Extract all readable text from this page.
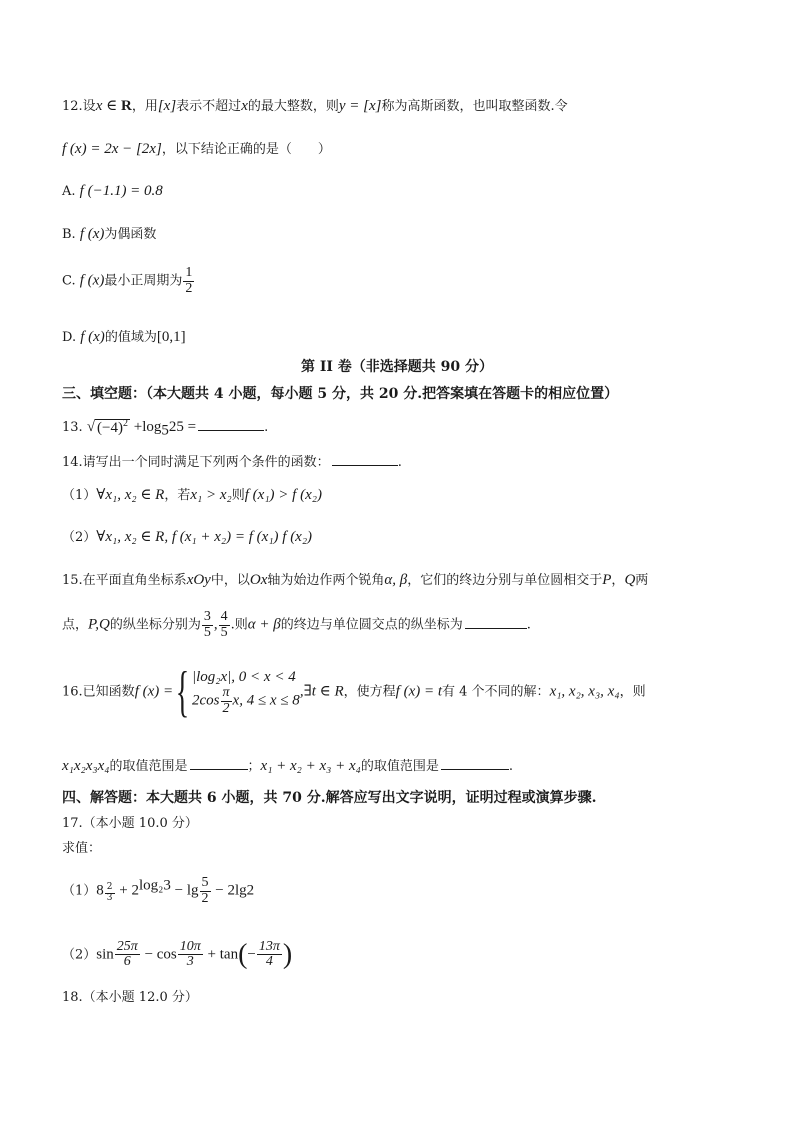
12.设x ∈ R，用[x]表示不超过x的最大整数，则y = [x]称为高斯函数，也叫取整函数.令
f (x) = 2x − [2x]，以下结论正确的是（　　）
A. f (−1.1) = 0.8
B. f (x)为偶函数
C. f (x)最小正周期为 $\frac{1}{2}$
D. f (x)的值域为[0,1]
第 II 卷（非选择题共 90 分）
三、填空题：（本大题共 4 小题，每小题 5 分，共 20 分.把答案填在答题卡的相应位置）
13. √ $(-4)^2 +\log_525$ =	.
14.请写出一个同时满足下列两个条件的函数：	.
（1）∀x₁, x₂ ∈ R，若x₁ > x₂则f (x₁) > f (x₂)
（2）∀x₁, x₂ ∈ R, f (x₁ + x₂) = f (x₁) f (x₂)
15.在平面直角坐标系xOy中，以Ox轴为始边作两个锐角α, β，它们的终边分别与单位圆相交于P，Q两
点，P,Q的纵坐标分别为 $\frac{3}{5}$ , $\frac{4}{5}$ .则α + β的终边与单位圆交点的纵坐标为	.
16.已知函数f (x) ={ |log₂x|, 0 < x < 4
$2\cos \frac{\pi}{2} x$, 4 ≤ x ≤ 8
,∃t ∈ R，使方程f (x) = t有 4 个不同的解：x₁, x₂, x₃, x₄，则
x₁x₂x₃x₄的取值范围是	；x₁ + x₂ + x₃ + x₄的取值范围是	.
四、解答题：本大题共 6 小题，共 70 分.解答应写出文字说明，证明过程或演算步骤.
17.（本小题 10.0 分）
求值：
（1）8 $^{\frac{2}{3}} + 2^{log_23} - \lg \frac{5}{2} - 2\lg 2$
$(2)\sin \frac{25\pi}{6} - \cos \frac{10\pi}{3} + \tan(- \frac{13\pi}{4}$ )
18.（本小题 12.0 分）
